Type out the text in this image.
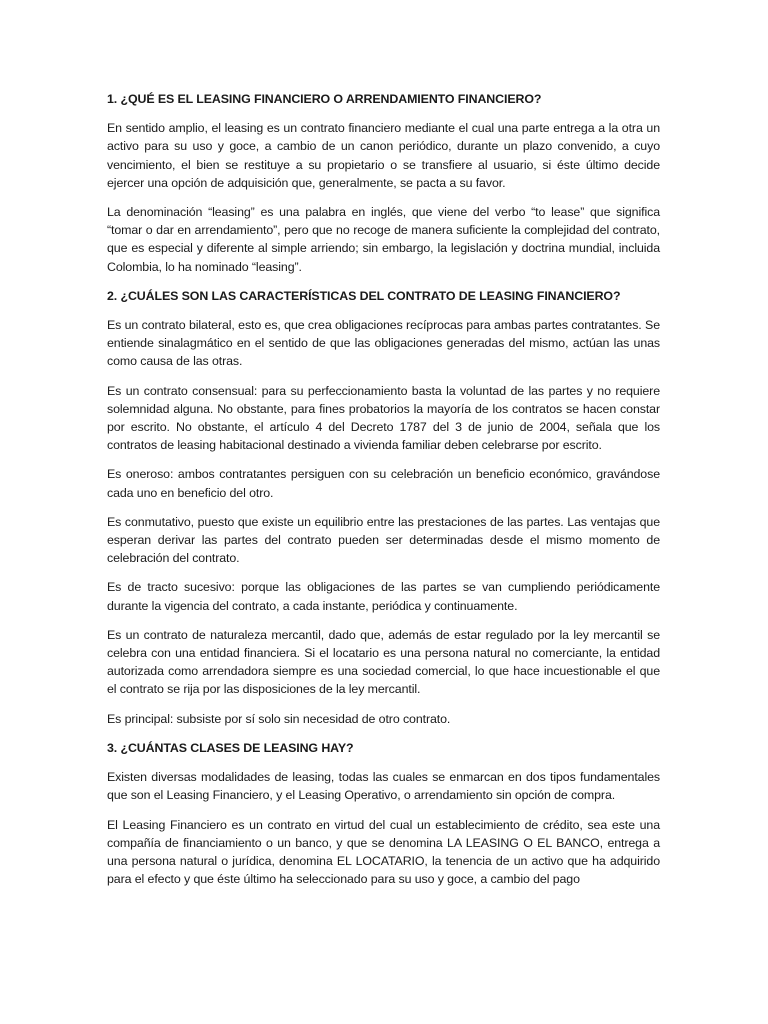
1. ¿QUÉ ES EL LEASING FINANCIERO O ARRENDAMIENTO FINANCIERO?

En sentido amplio, el leasing es un contrato financiero mediante el cual una parte entrega a la otra un activo para su uso y goce, a cambio de un canon periódico, durante un plazo convenido, a cuyo vencimiento, el bien se restituye a su propietario o se transfiere al usuario, si éste último decide ejercer una opción de adquisición que, generalmente, se pacta a su favor.

La denominación “leasing” es una palabra en inglés, que viene del verbo “to lease” que significa “tomar o dar en arrendamiento”, pero que no recoge de manera suficiente la complejidad del contrato, que es especial y diferente al simple arriendo; sin embargo, la legislación y doctrina mundial, incluida Colombia, lo ha nominado “leasing”.

2. ¿CUÁLES SON LAS CARACTERÍSTICAS DEL CONTRATO DE LEASING FINANCIERO?

Es un contrato bilateral, esto es, que crea obligaciones recíprocas para ambas partes contratantes. Se entiende sinalagmático en el sentido de que las obligaciones generadas del mismo, actúan las unas como causa de las otras.

Es un contrato consensual: para su perfeccionamiento basta la voluntad de las partes y no requiere solemnidad alguna. No obstante, para fines probatorios la mayoría de los contratos se hacen constar por escrito. No obstante, el artículo 4 del Decreto 1787 del 3 de junio de 2004, señala que los contratos de leasing habitacional destinado a vivienda familiar deben celebrarse por escrito.

Es oneroso: ambos contratantes persiguen con su celebración un beneficio económico, gravándose cada uno en beneficio del otro.

Es conmutativo, puesto que existe un equilibrio entre las prestaciones de las partes. Las ventajas que esperan derivar las partes del contrato pueden ser determinadas desde el mismo momento de celebración del contrato.

Es de tracto sucesivo: porque las obligaciones de las partes se van cumpliendo periódicamente durante la vigencia del contrato, a cada instante, periódica y continuamente.

Es un contrato de naturaleza mercantil, dado que, además de estar regulado por la ley mercantil se celebra con una entidad financiera. Si el locatario es una persona natural no comerciante, la entidad autorizada como arrendadora siempre es una sociedad comercial, lo que hace incuestionable el que el contrato se rija por las disposiciones de la ley mercantil.

Es principal: subsiste por sí solo sin necesidad de otro contrato.

3. ¿CUÁNTAS CLASES DE LEASING HAY?

Existen diversas modalidades de leasing, todas las cuales se enmarcan en dos tipos fundamentales que son el Leasing Financiero, y el Leasing Operativo, o arrendamiento sin opción de compra.

El Leasing Financiero es un contrato en virtud del cual un establecimiento de crédito, sea este una compañía de financiamiento o un banco, y que se denomina LA LEASING O EL BANCO, entrega a una persona natural o jurídica, denomina EL LOCATARIO, la tenencia de un activo que ha adquirido para el efecto y que éste último ha seleccionado para su uso y goce, a cambio del pago
